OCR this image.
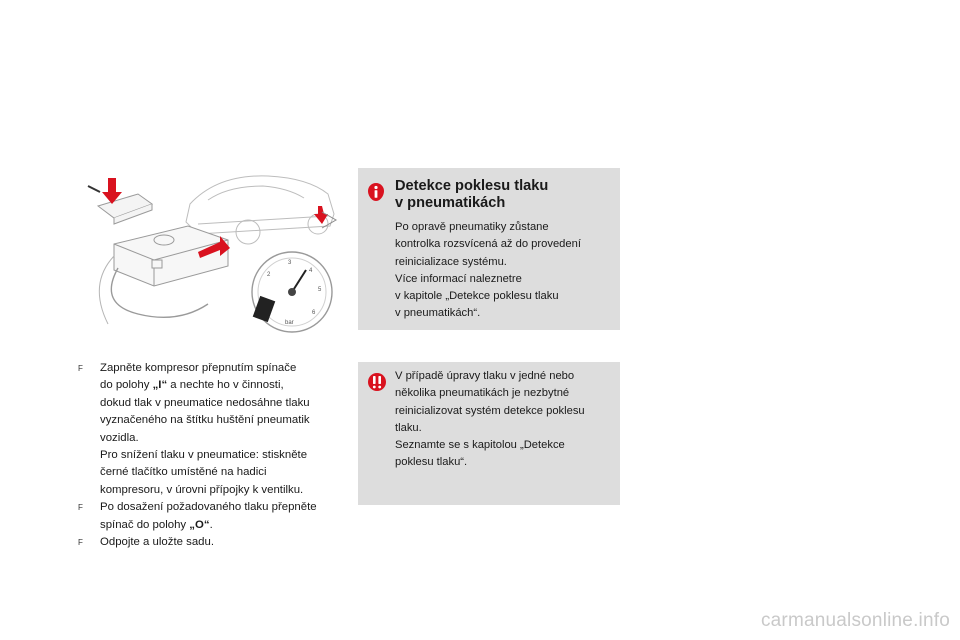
2
3
4
5
6
bar
F	Zapněte kompresor přepnutím spínače

do polohy „I“ a nechte ho v činnosti,

dokud tlak v pneumatice nedosáhne tlaku

vyznačeného na štítku huštění pneumatik

vozidla.

Pro snížení tlaku v pneumatice: stiskněte

černé tlačítko umístěné na hadici

kompresoru, v úrovni přípojky k ventilku.

F	Po dosažení požadovaného tlaku přepněte

spínač do polohy „O“.

F	Odpojte a uložte sadu.

Detekce poklesu tlaku
v pneumatikách

Po opravě pneumatiky zůstane

kontrolka rozsvícená až do provedení

reinicializace systému.

Více informací naleznetre

v kapitole „Detekce poklesu tlaku

v pneumatikách“.

V případě úpravy tlaku v jedné nebo

několika pneumatikách je nezbytné

reinicializovat systém detekce poklesu

tlaku.

Seznamte se s kapitolou „Detekce

poklesu tlaku“.

carmanualsonline.info
